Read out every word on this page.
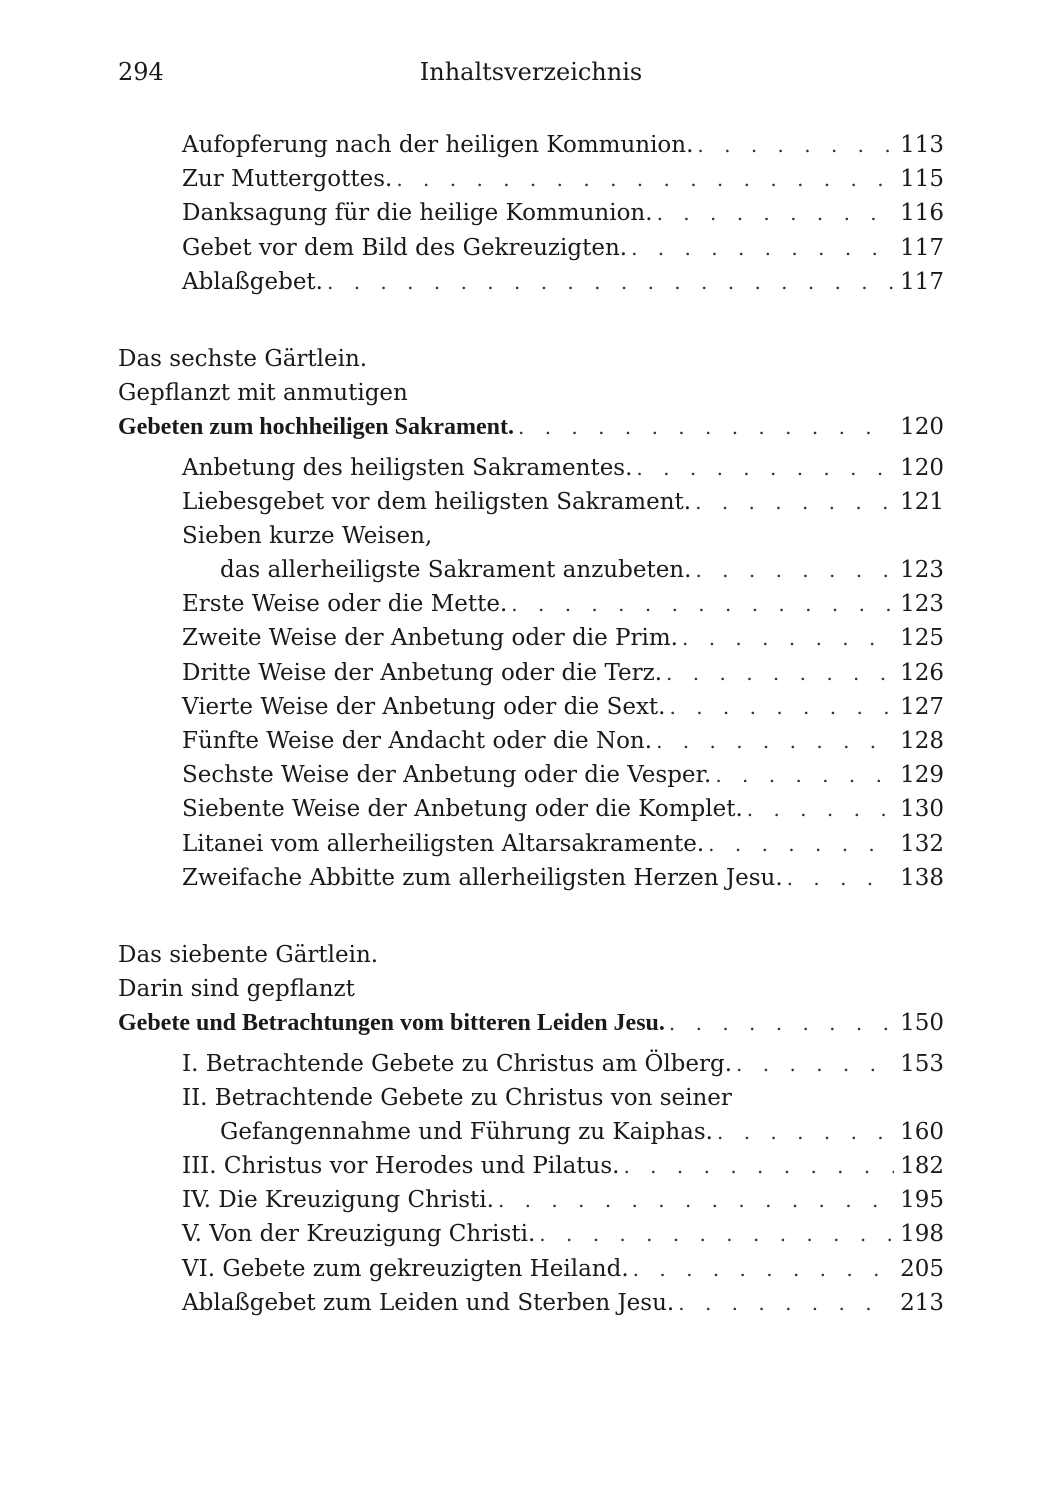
294	Inhaltsverzeichnis
Aufopferung nach der heiligen Kommunion. . . .	113
Zur Muttergottes. . . .	115
Danksagung für die heilige Kommunion. . . .	116
Gebet vor dem Bild des Gekreuzigten. . . .	117
Ablaßgebet. . . .	117
Das sechste Gärtlein.
Gepflanzt mit anmutigen
Gebeten zum hochheiligen Sakrament. . . .	120
Anbetung des heiligsten Sakramentes. . . .	120
Liebesgebet vor dem heiligsten Sakrament. . . .	121
Sieben kurze Weisen,
das allerheiligste Sakrament anzubeten. . . .	123
Erste Weise oder die Mette. . . .	123
Zweite Weise der Anbetung oder die Prim. . . .	125
Dritte Weise der Anbetung oder die Terz. . . .	126
Vierte Weise der Anbetung oder die Sext. . . .	127
Fünfte Weise der Andacht oder die Non. . . .	128
Sechste Weise der Anbetung oder die Vesper. . . .	129
Siebente Weise der Anbetung oder die Komplet. . . .	130
Litanei vom allerheiligsten Altarsakramente. . . .	132
Zweifache Abbitte zum allerheiligsten Herzen Jesu. . . .	138
Das siebente Gärtlein.
Darin sind gepflanzt
Gebete und Betrachtungen vom bitteren Leiden Jesu. . . .	150
I. Betrachtende Gebete zu Christus am Ölberg. . . .	153
II. Betrachtende Gebete zu Christus von seiner
Gefangennahme und Führung zu Kaiphas. . . .	160
III. Christus vor Herodes und Pilatus. . . .	182
IV. Die Kreuzigung Christi. . . .	195
V. Von der Kreuzigung Christi. . . .	198
VI. Gebete zum gekreuzigten Heiland. . . .	205
Ablaßgebet zum Leiden und Sterben Jesu. . . .	213
